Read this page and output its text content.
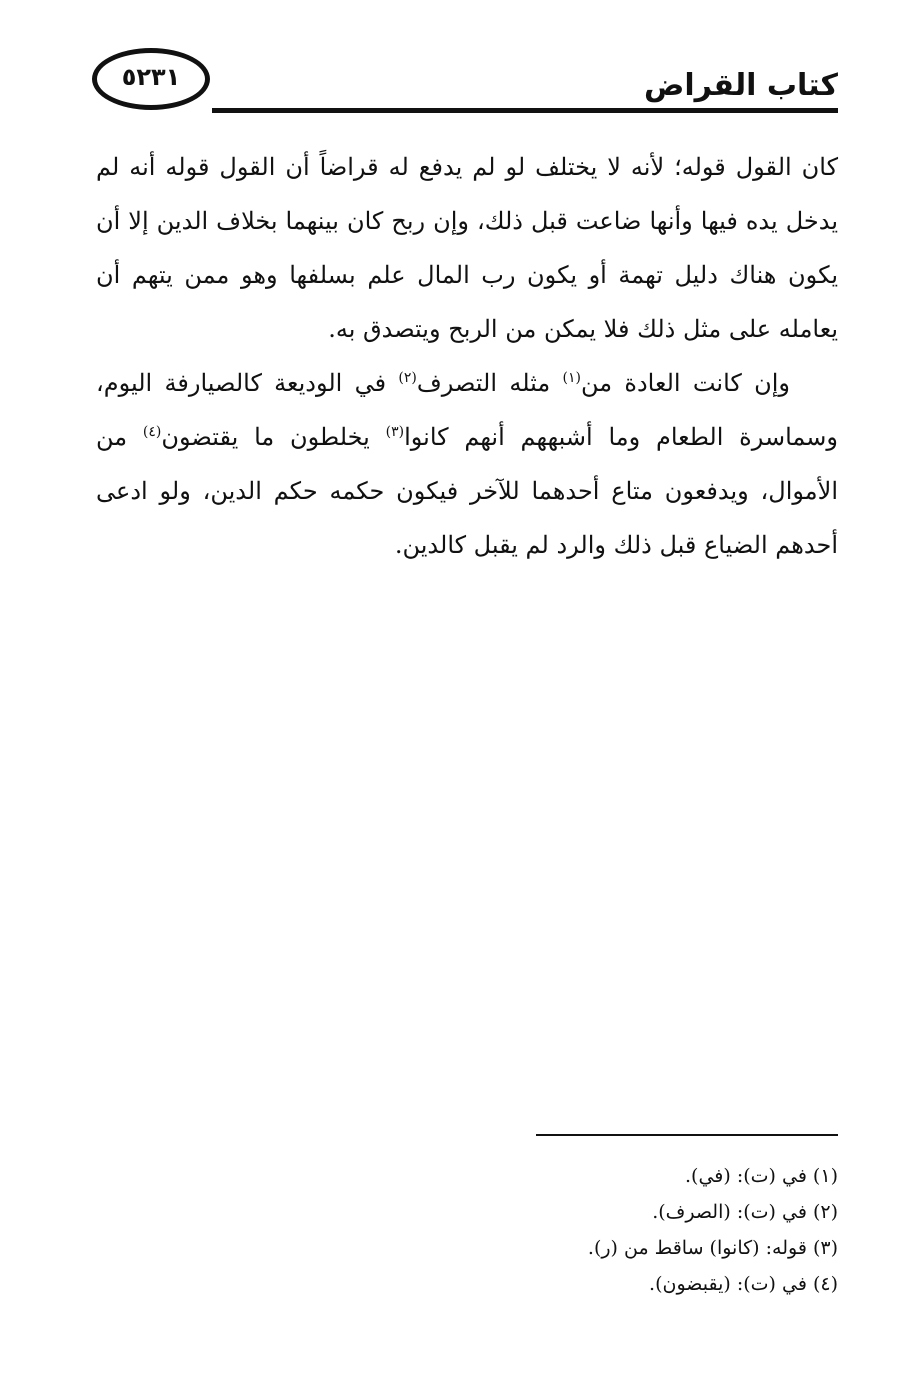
٥٢٣١	كتاب القراض

كان القول قوله؛ لأنه لا يختلف لو لم يدفع له قراضاً أن القول قوله أنه لم يدخل يده فيها وأنها ضاعت قبل ذلك، وإن ربح كان بينهما بخلاف الدين إلا أن يكون هناك دليل تهمة أو يكون رب المال علم بسلفها وهو ممن يتهم أن يعامله على مثل ذلك فلا يمكن من الربح ويتصدق به.

وإن كانت العادة من$^{(١)}$ مثله التصرف$^{(٢)}$ في الوديعة كالصيارفة اليوم، وسماسرة الطعام وما أشبههم أنهم كانوا$^{(٣)}$ يخلطون ما يقتضون$^{(٤)}$ من الأموال، ويدفعون متاع أحدهما للآخر فيكون حكمه حكم الدين، ولو ادعى أحدهم الضياع قبل ذلك والرد لم يقبل كالدين.

(١) في (ت): (في).
(٢) في (ت): (الصرف).
(٣) قوله: (كانوا) ساقط من (ر).
(٤) في (ت): (يقبضون).
